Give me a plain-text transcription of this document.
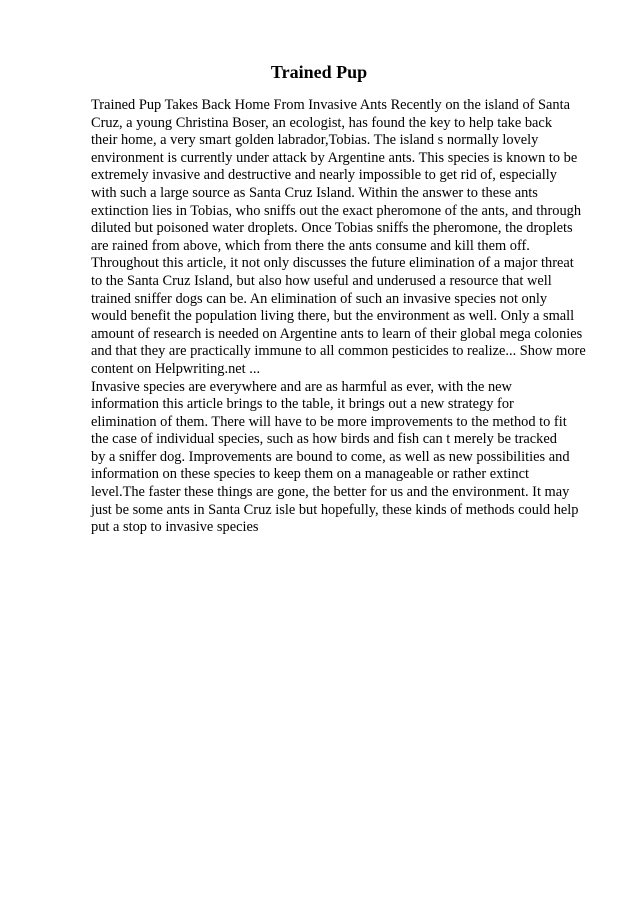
Trained Pup
Trained Pup Takes Back Home From Invasive Ants Recently on the island of Santa
Cruz, a young Christina Boser, an ecologist, has found the key to help take back
their home, a very smart golden labrador,Tobias. The island s normally lovely
environment is currently under attack by Argentine ants. This species is known to be
extremely invasive and destructive and nearly impossible to get rid of, especially
with such a large source as Santa Cruz Island. Within the answer to these ants
extinction lies in Tobias, who sniffs out the exact pheromone of the ants, and through
diluted but poisoned water droplets. Once Tobias sniffs the pheromone, the droplets
are rained from above, which from there the ants consume and kill them off.
Throughout this article, it not only discusses the future elimination of a major threat
to the Santa Cruz Island, but also how useful and underused a resource that well
trained sniffer dogs can be. An elimination of such an invasive species not only
would benefit the population living there, but the environment as well. Only a small
amount of research is needed on Argentine ants to learn of their global mega colonies
and that they are practically immune to all common pesticides to realize... Show more
content on Helpwriting.net ...
Invasive species are everywhere and are as harmful as ever, with the new
information this article brings to the table, it brings out a new strategy for
elimination of them. There will have to be more improvements to the method to fit
the case of individual species, such as how birds and fish can t merely be tracked
by a sniffer dog. Improvements are bound to come, as well as new possibilities and
information on these species to keep them on a manageable or rather extinct
level.The faster these things are gone, the better for us and the environment. It may
just be some ants in Santa Cruz isle but hopefully, these kinds of methods could help
put a stop to invasive species
